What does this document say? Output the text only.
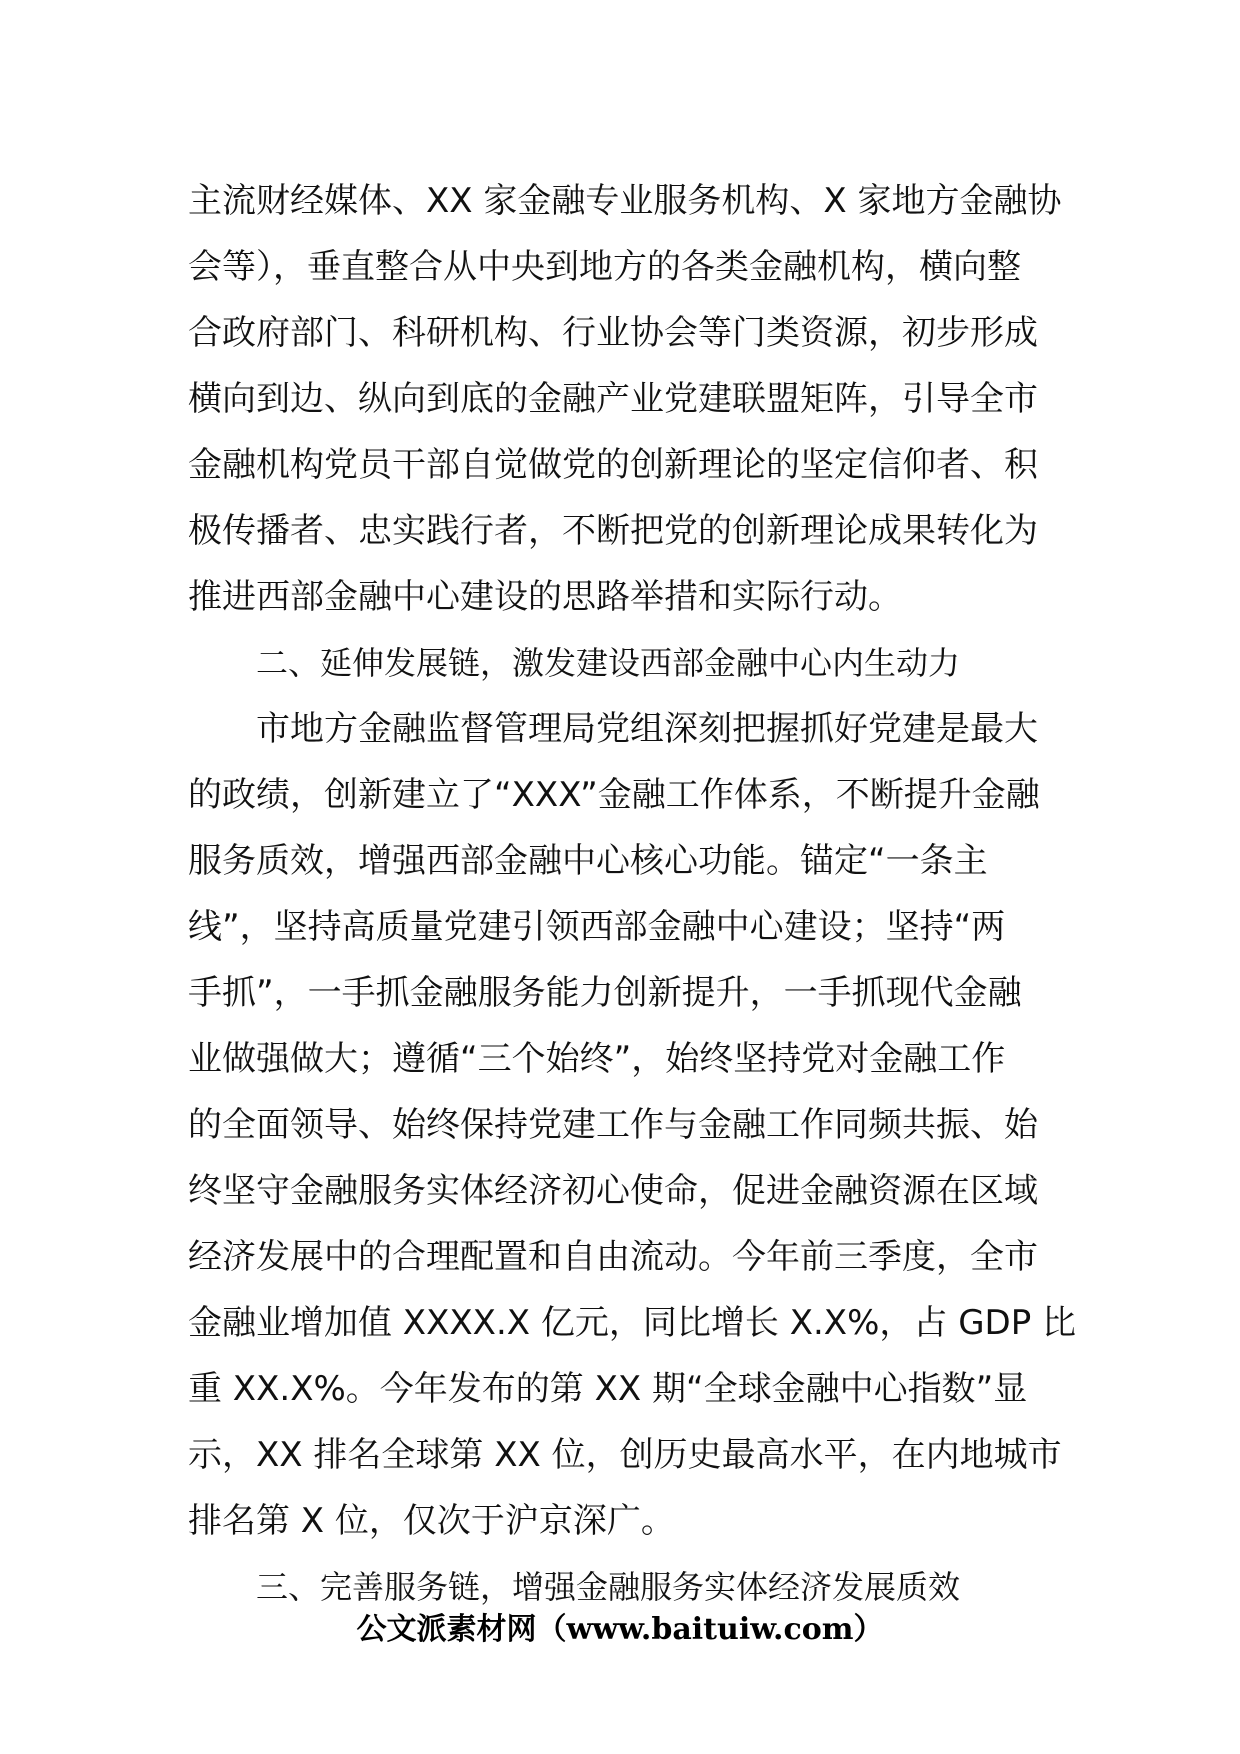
主流财经媒体、XX 家金融专业服务机构、X 家地方金融协
会等），垂直整合从中央到地方的各类金融机构，横向整
合政府部门、科研机构、行业协会等门类资源，初步形成
横向到边、纵向到底的金融产业党建联盟矩阵，引导全市
金融机构党员干部自觉做党的创新理论的坚定信仰者、积
极传播者、忠实践行者，不断把党的创新理论成果转化为
推进西部金融中心建设的思路举措和实际行动。
二、延伸发展链，激发建设西部金融中心内生动力
市地方金融监督管理局党组深刻把握抓好党建是最大
的政绩，创新建立了“XXX”金融工作体系，不断提升金融
服务质效，增强西部金融中心核心功能。锚定“一条主
线”，坚持高质量党建引领西部金融中心建设；坚持“两
手抓”，一手抓金融服务能力创新提升，一手抓现代金融
业做强做大；遵循“三个始终”，始终坚持党对金融工作
的全面领导、始终保持党建工作与金融工作同频共振、始
终坚守金融服务实体经济初心使命，促进金融资源在区域
经济发展中的合理配置和自由流动。今年前三季度，全市
金融业增加值 XXXX.X 亿元，同比增长 X.X%，占 GDP 比
重 XX.X%。今年发布的第 XX 期“全球金融中心指数”显
示，XX 排名全球第 XX 位，创历史最高水平，在内地城市
排名第 X 位，仅次于沪京深广。
三、完善服务链，增强金融服务实体经济发展质效
公文派素材网（www.baituiw.com）
